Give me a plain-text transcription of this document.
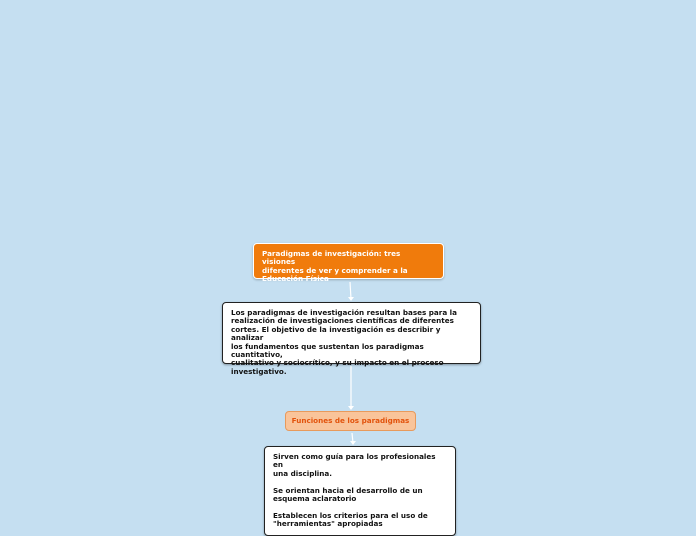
Paradigmas de investigación: tres visiones
diferentes de ver y comprender a la
Educación Física
Los paradigmas de investigación resultan bases para la
realización de investigaciones científicas de diferentes
cortes. El objetivo de la investigación es describir y analizar
los fundamentos que sustentan los paradigmas cuantitativo,
cualitativo y sociocrítico, y su impacto en el proceso
investigativo.
Funciones de los paradigmas
Sirven como guía para los profesionales en
una disciplina.

Se orientan hacia el desarrollo de un
esquema aclaratorio

Establecen los criterios para el uso de
"herramientas" apropiadas
